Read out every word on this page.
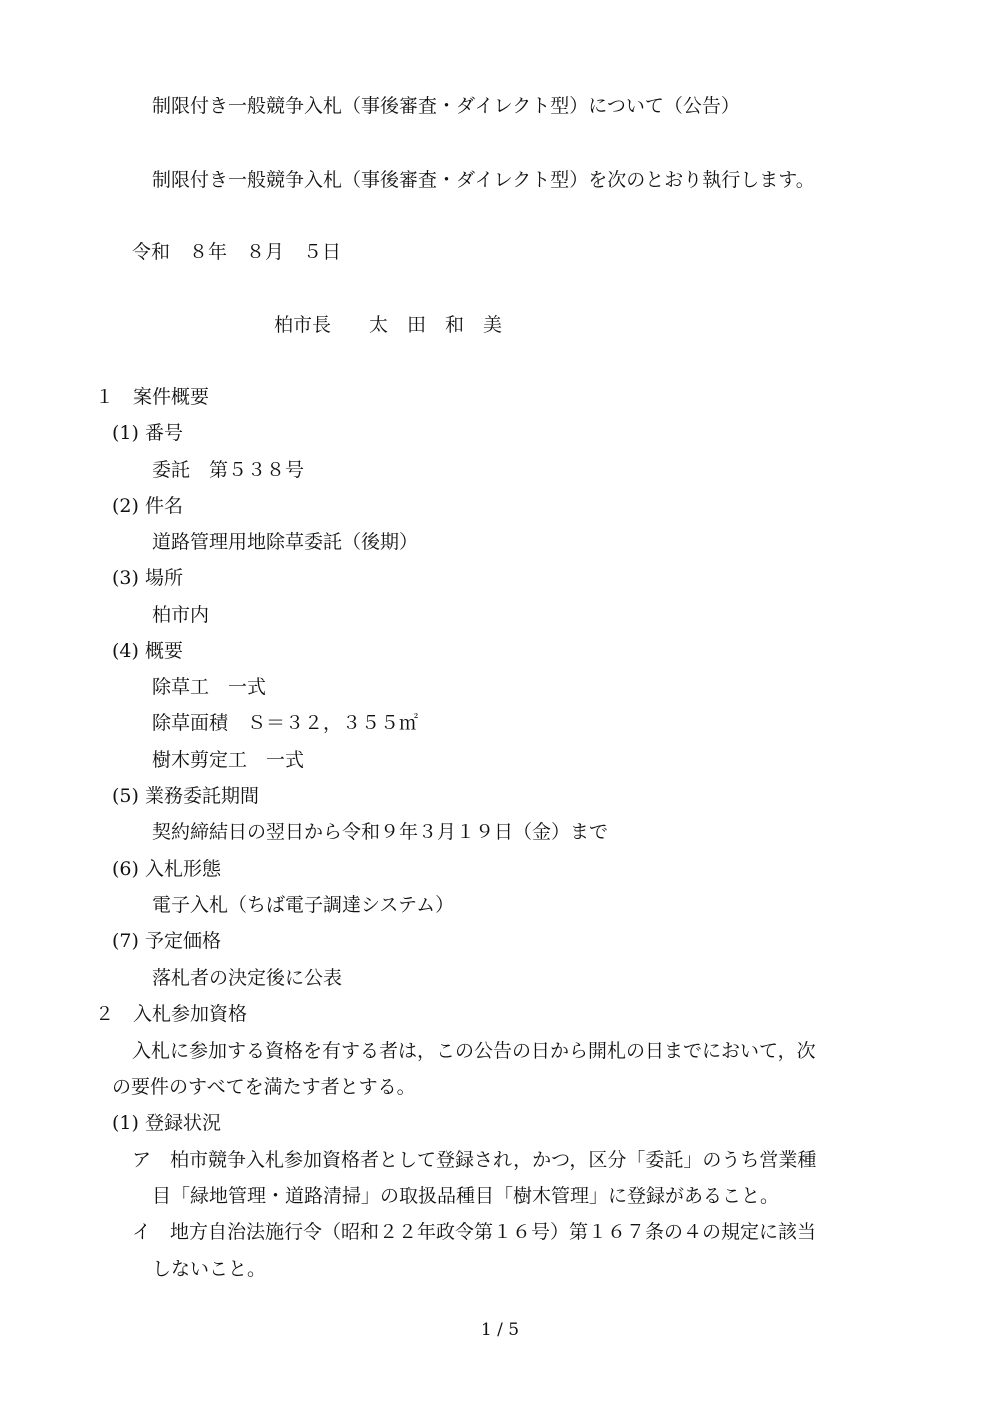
制限付き一般競争入札（事後審査・ダイレクト型）について（公告）
制限付き一般競争入札（事後審査・ダイレクト型）を次のとおり執行します。
令和　８年　８月　５日
柏市長　　太　田　和　美
１　案件概要
(1) 番号
委託　第５３８号
(2) 件名
道路管理用地除草委託（後期）
(3) 場所
柏市内
(4) 概要
除草工　一式
除草面積　Ｓ＝３２，３５５㎡
樹木剪定工　一式
(5) 業務委託期間
契約締結日の翌日から令和９年３月１９日（金）まで
(6) 入札形態
電子入札（ちば電子調達システム）
(7) 予定価格
落札者の決定後に公表
２　入札参加資格
入札に参加する資格を有する者は，この公告の日から開札の日までにおいて，次
の要件のすべてを満たす者とする。
(1) 登録状況
ア　柏市競争入札参加資格者として登録され，かつ，区分「委託」のうち営業種
目「緑地管理・道路清掃」の取扱品種目「樹木管理」に登録があること。
イ　地方自治法施行令（昭和２２年政令第１６号）第１６７条の４の規定に該当
しないこと。
1 / 5
